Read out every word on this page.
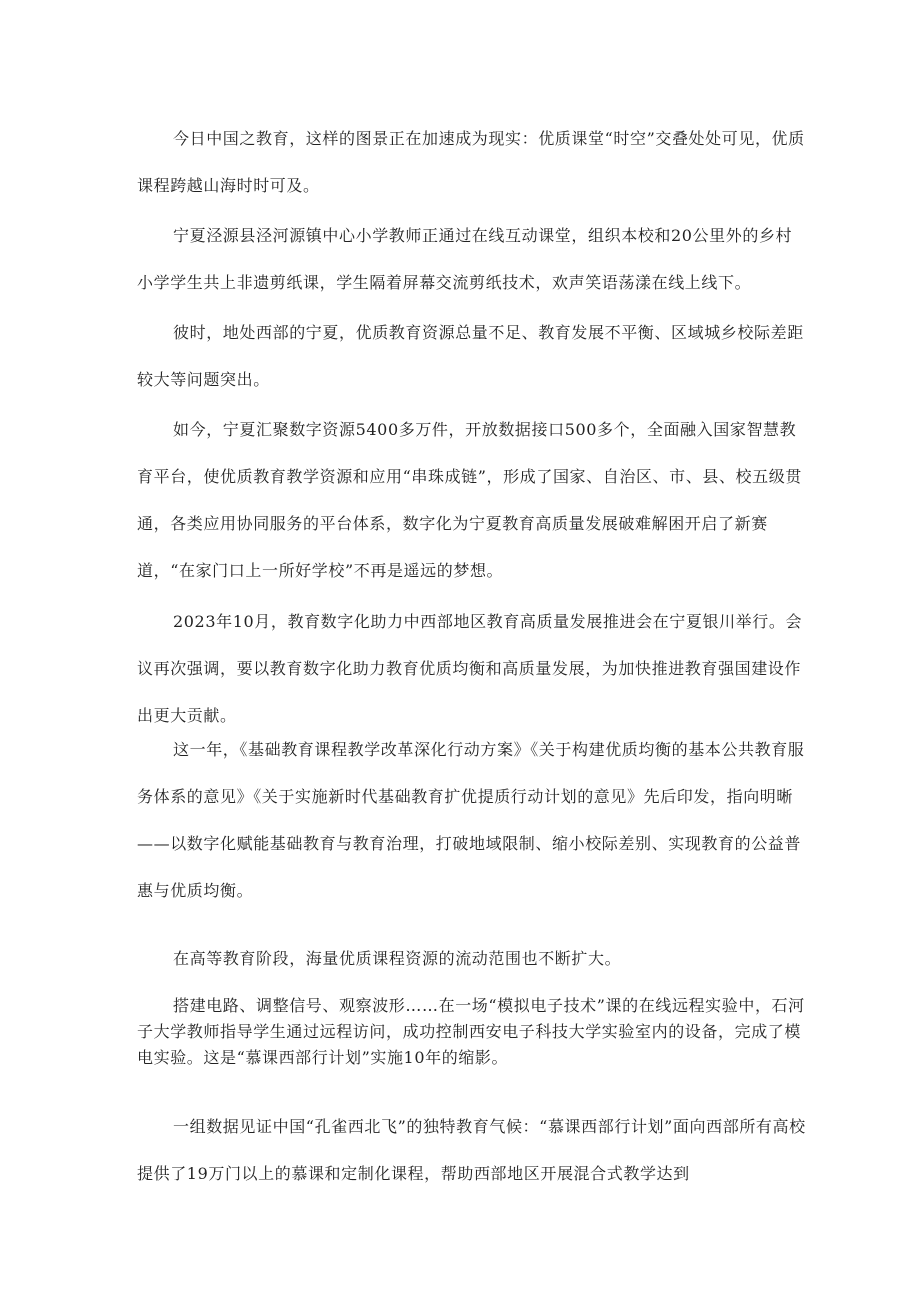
今日中国之教育，这样的图景正在加速成为现实：优质课堂“时空”交叠处处可见，优质课程跨越山海时时可及。

宁夏泾源县泾河源镇中心小学教师正通过在线互动课堂，组织本校和20公里外的乡村小学学生共上非遗剪纸课，学生隔着屏幕交流剪纸技术，欢声笑语荡漾在线上线下。

彼时，地处西部的宁夏，优质教育资源总量不足、教育发展不平衡、区域城乡校际差距较大等问题突出。

如今，宁夏汇聚数字资源5400多万件，开放数据接口500多个，全面融入国家智慧教育平台，使优质教育教学资源和应用“串珠成链”，形成了国家、自治区、市、县、校五级贯通，各类应用协同服务的平台体系，数字化为宁夏教育高质量发展破难解困开启了新赛道，“在家门口上一所好学校”不再是遥远的梦想。

2023年10月，教育数字化助力中西部地区教育高质量发展推进会在宁夏银川举行。会议再次强调，要以教育数字化助力教育优质均衡和高质量发展，为加快推进教育强国建设作出更大贡献。

这一年，《基础教育课程教学改革深化行动方案》《关于构建优质均衡的基本公共教育服务体系的意见》《关于实施新时代基础教育扩优提质行动计划的意见》先后印发，指向明晰——以数字化赋能基础教育与教育治理，打破地域限制、缩小校际差别、实现教育的公益普惠与优质均衡。

在高等教育阶段，海量优质课程资源的流动范围也不断扩大。

搭建电路、调整信号、观察波形……在一场“模拟电子技术”课的在线远程实验中，石河子大学教师指导学生通过远程访问，成功控制西安电子科技大学实验室内的设备，完成了模电实验。这是“慕课西部行计划”实施10年的缩影。

一组数据见证中国“孔雀西北飞”的独特教育气候：“慕课西部行计划”面向西部所有高校提供了19万门以上的慕课和定制化课程，帮助西部地区开展混合式教学达到
